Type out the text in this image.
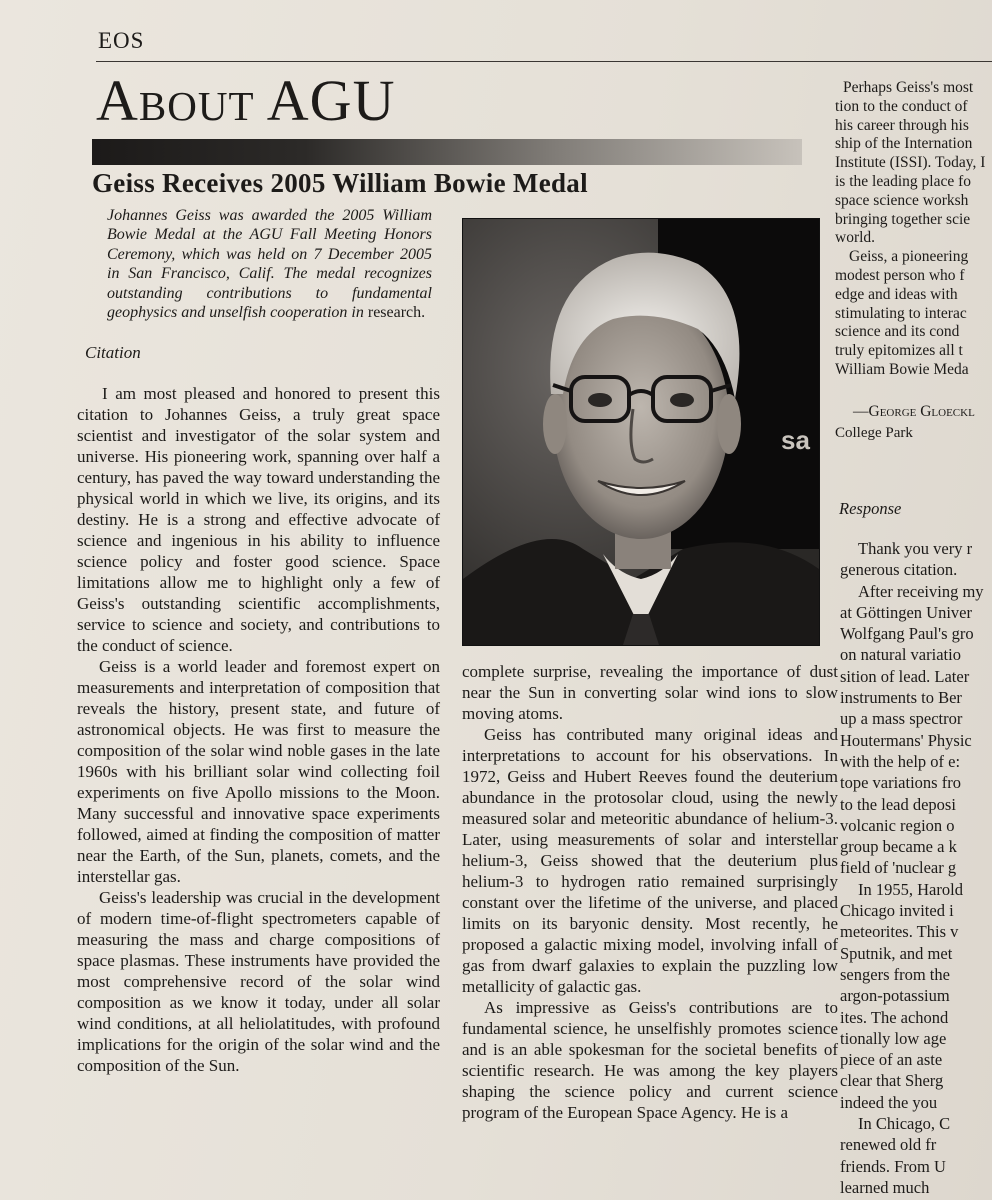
EOS
About AGU
Geiss Receives 2005 William Bowie Medal

Johannes Geiss was awarded the 2005 William Bowie Medal at the AGU Fall Meeting Honors Ceremony, which was held on 7 December 2005 in San Francisco, Calif. The medal recognizes outstanding contributions to fundamental geophysics and unselfish cooperation in research.

Citation

I am most pleased and honored to present this citation to Johannes Geiss, a truly great space scientist and investigator of the solar system and universe. His pioneering work, spanning over half a century, has paved the way toward understanding the physical world in which we live, its origins, and its destiny. He is a strong and effective advocate of science and ingenious in his ability to influence science policy and foster good science. Space limitations allow me to highlight only a few of Geiss's outstanding scientific accomplishments, service to science and society, and contributions to the conduct of science.

Geiss is a world leader and foremost expert on measurements and interpretation of composition that reveals the history, present state, and future of astronomical objects. He was first to measure the composition of the solar wind noble gases in the late 1960s with his brilliant solar wind collecting foil experiments on five Apollo missions to the Moon. Many successful and innovative space experiments followed, aimed at finding the composition of matter near the Earth, of the Sun, planets, comets, and the interstellar gas.

Geiss's leadership was crucial in the development of modern time-of-flight spectrometers capable of measuring the mass and charge compositions of space plasmas. These instruments have provided the most comprehensive record of the solar wind composition as we know it today, under all solar wind conditions, at all heliolatitudes, with profound implications for the origin of the solar wind and the composition of the Sun.

sa

complete surprise, revealing the importance of dust near the Sun in converting solar wind ions to slow moving atoms.

Geiss has contributed many original ideas and interpretations to account for his observations. In 1972, Geiss and Hubert Reeves found the deuterium abundance in the protosolar cloud, using the newly measured solar and meteoritic abundance of helium-3. Later, using measurements of solar and interstellar helium-3, Geiss showed that the deuterium plus helium-3 to hydrogen ratio remained surprisingly constant over the lifetime of the universe, and placed limits on its baryonic density. Most recently, he proposed a galactic mixing model, involving infall of gas from dwarf galaxies to explain the puzzling low metallicity of galactic gas.

As impressive as Geiss's contributions are to fundamental science, he unselfishly promotes science and is an able spokesman for the societal benefits of scientific research. He was among the key players shaping the science policy and current science program of the European Space Agency. He is a

Perhaps Geiss's most
tion to the conduct of
his career through his
ship of the Internation
Institute (ISSI). Today, I
is the leading place fo
space science worksh
bringing together scie
world.
Geiss, a pioneering
modest person who f
edge and ideas with
stimulating to interac
science and its cond
truly epitomizes all t
William Bowie Meda
—George Gloeckl
College Park
Response
Thank you very r
generous citation.
After receiving my
at Göttingen Univer
Wolfgang Paul's gro
on natural variatio
sition of lead. Later
instruments to Ber
up a mass spectror
Houtermans' Physic
with the help of e:
tope variations fro
to the lead deposi
volcanic region o
group became a k
field of 'nuclear g
In 1955, Harold
Chicago invited i
meteorites. This v
Sputnik, and met
sengers from the
argon-potassium
ites. The achond
tionally low age
piece of an aste
clear that Sherg
indeed the you
In Chicago, C
renewed old fr
friends. From U
learned much
